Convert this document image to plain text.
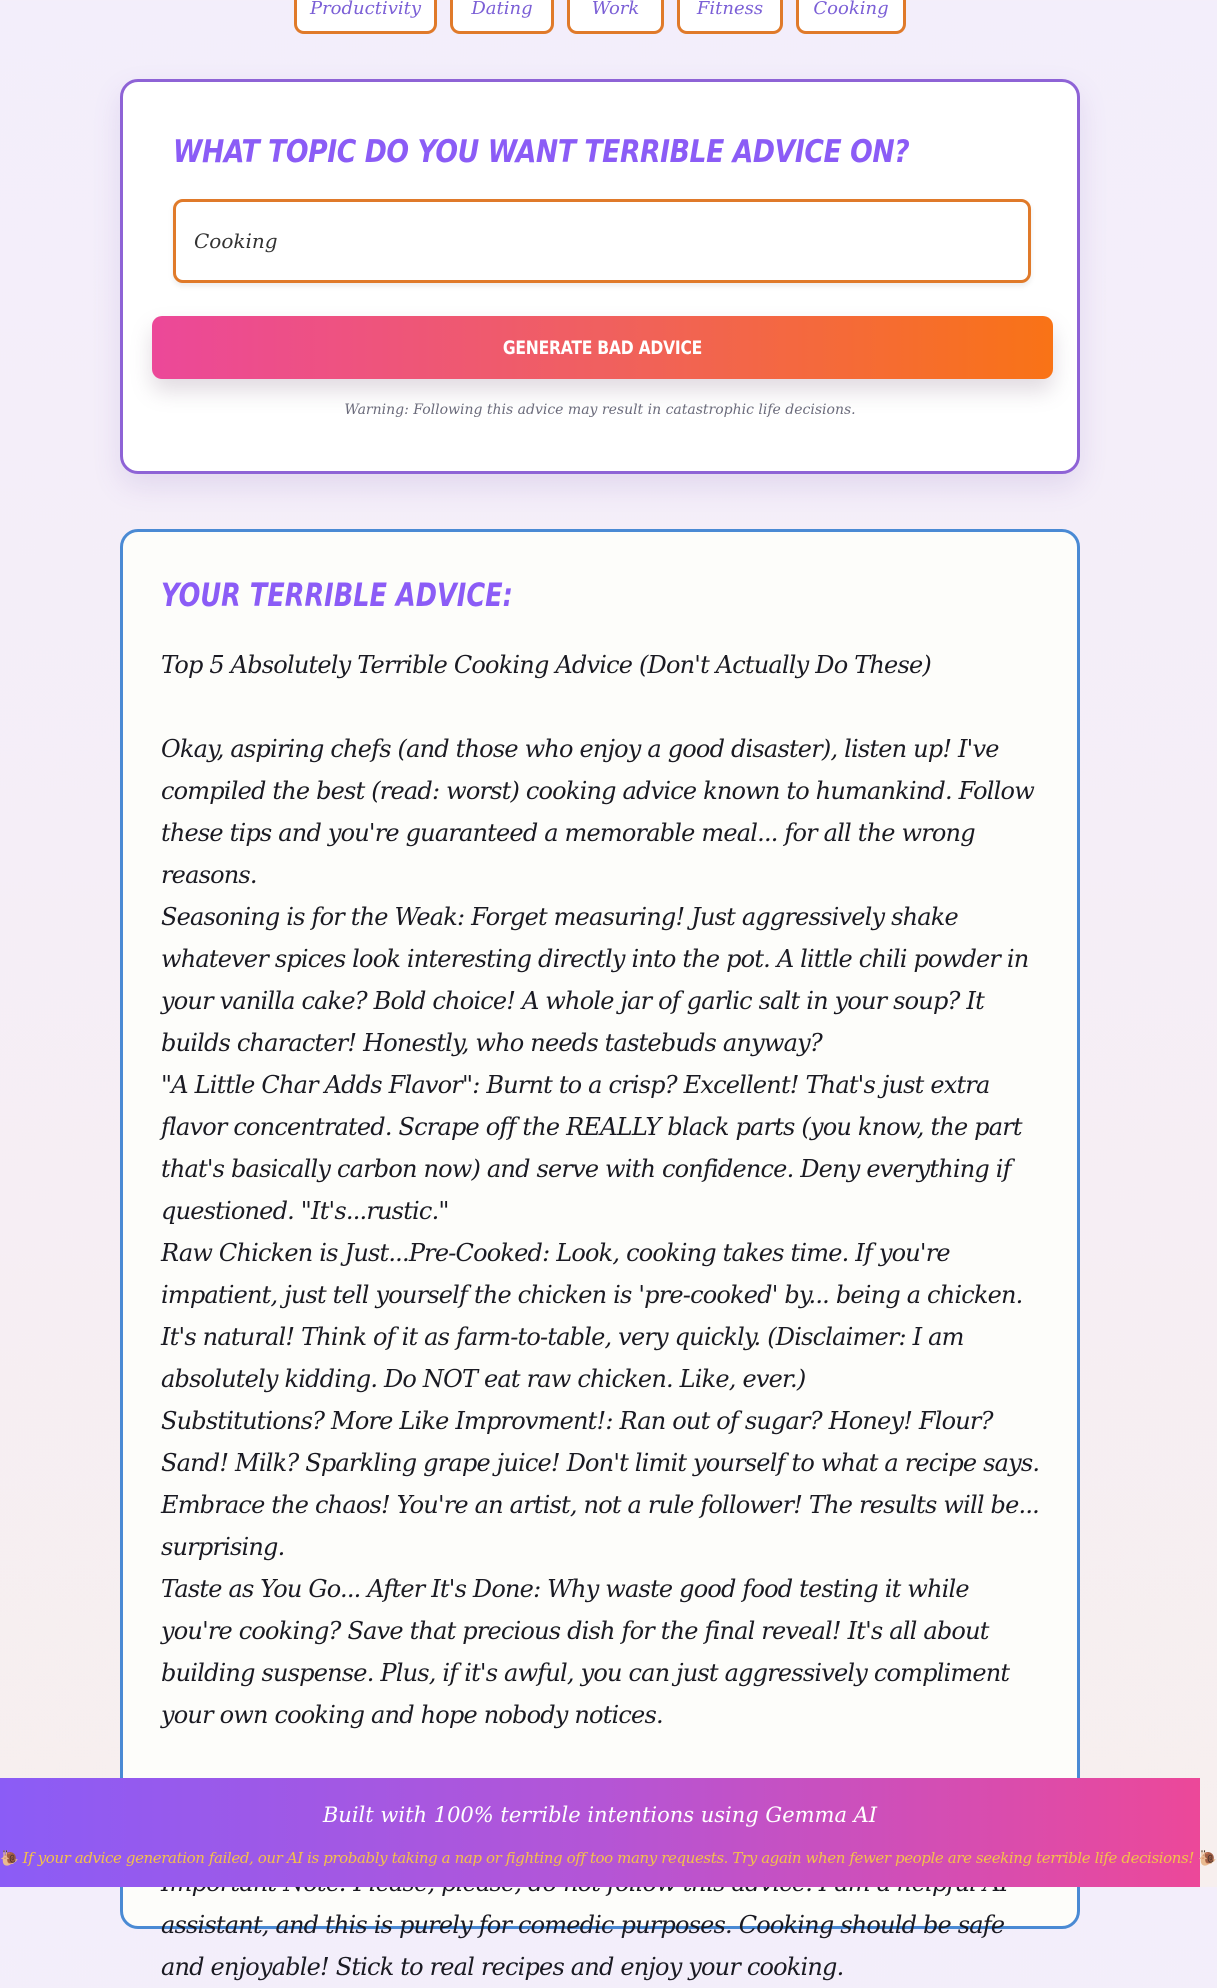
Productivity	Dating	Work	Fitness	Cooking
WHAT TOPIC DO YOU WANT TERRIBLE ADVICE ON?
Cooking
GENERATE BAD ADVICE
Warning: Following this advice may result in catastrophic life decisions.
YOUR TERRIBLE ADVICE:

Top 5 Absolutely Terrible Cooking Advice (Don't Actually Do These)

Okay, aspiring chefs (and those who enjoy a good disaster), listen up! I've compiled the best (read: worst) cooking advice known to humankind. Follow these tips and you're guaranteed a memorable meal... for all the wrong reasons.

Seasoning is for the Weak: Forget measuring! Just aggressively shake whatever spices look interesting directly into the pot. A little chili powder in your vanilla cake? Bold choice! A whole jar of garlic salt in your soup? It builds character! Honestly, who needs tastebuds anyway?

"A Little Char Adds Flavor": Burnt to a crisp? Excellent! That's just extra flavor concentrated. Scrape off the REALLY black parts (you know, the part that's basically carbon now) and serve with confidence. Deny everything if questioned. "It's...rustic."

Raw Chicken is Just...Pre-Cooked: Look, cooking takes time. If you're impatient, just tell yourself the chicken is 'pre-cooked' by... being a chicken. It's natural! Think of it as farm-to-table, very quickly. (Disclaimer: I am absolutely kidding. Do NOT eat raw chicken. Like, ever.)

Substitutions? More Like Improvment!: Ran out of sugar? Honey! Flour? Sand! Milk? Sparkling grape juice! Don't limit yourself to what a recipe says. Embrace the chaos! You're an artist, not a rule follower! The results will be... surprising.

Taste as You Go... After It's Done: Why waste good food testing it while you're cooking? Save that precious dish for the final reveal! It's all about building suspense. Plus, if it's awful, you can just aggressively compliment your own cooking and hope nobody notices.

assistant, and this is purely for comedic purposes. Cooking should be safe and enjoyable! Stick to real recipes and enjoy your cooking.

Built with 100% terrible intentions using Gemma AI
🐌 If your advice generation failed, our AI is probably taking a nap or fighting off too many requests. Try again when fewer people are seeking terrible life decisions! 🐌
